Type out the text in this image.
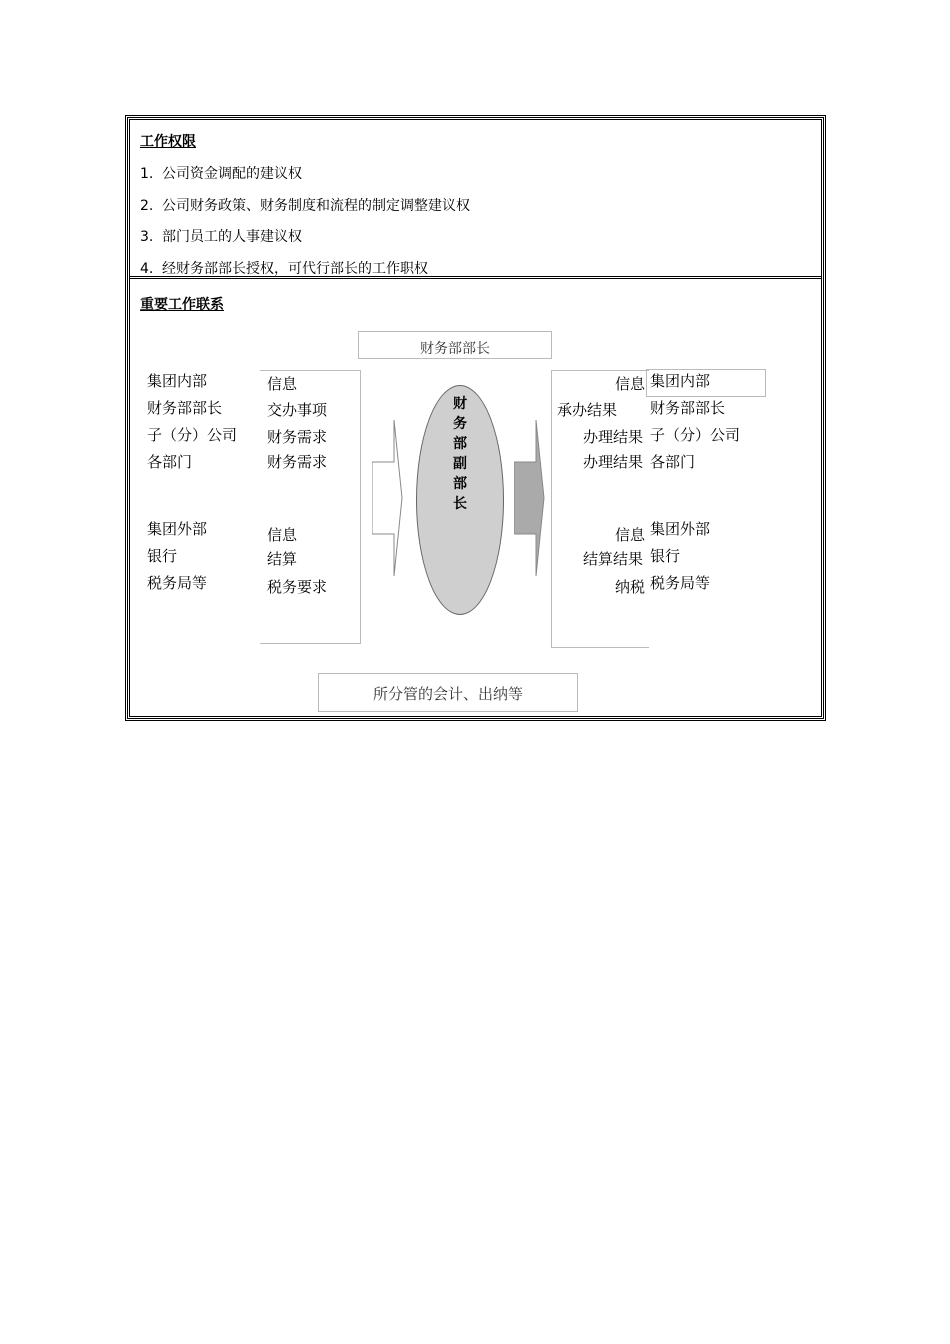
工作权限
1. 公司资金调配的建议权
2. 公司财务政策、财务制度和流程的制定调整建议权
3. 部门员工的人事建议权
4. 经财务部部长授权，可代行部长的工作职权
重要工作联系
财务部部长
集团内部
财务部部长
子（分）公司
各部门
集团外部
银行
税务局等
信息
交办事项
财务需求
财务需求
信息
结算
税务要求
财
务
部
副
部
长
信息
承办结果
办理结果
办理结果
信息
结算结果
纳税
集团内部
财务部部长
子（分）公司
各部门
集团外部
银行
税务局等
所分管的会计、出纳等
